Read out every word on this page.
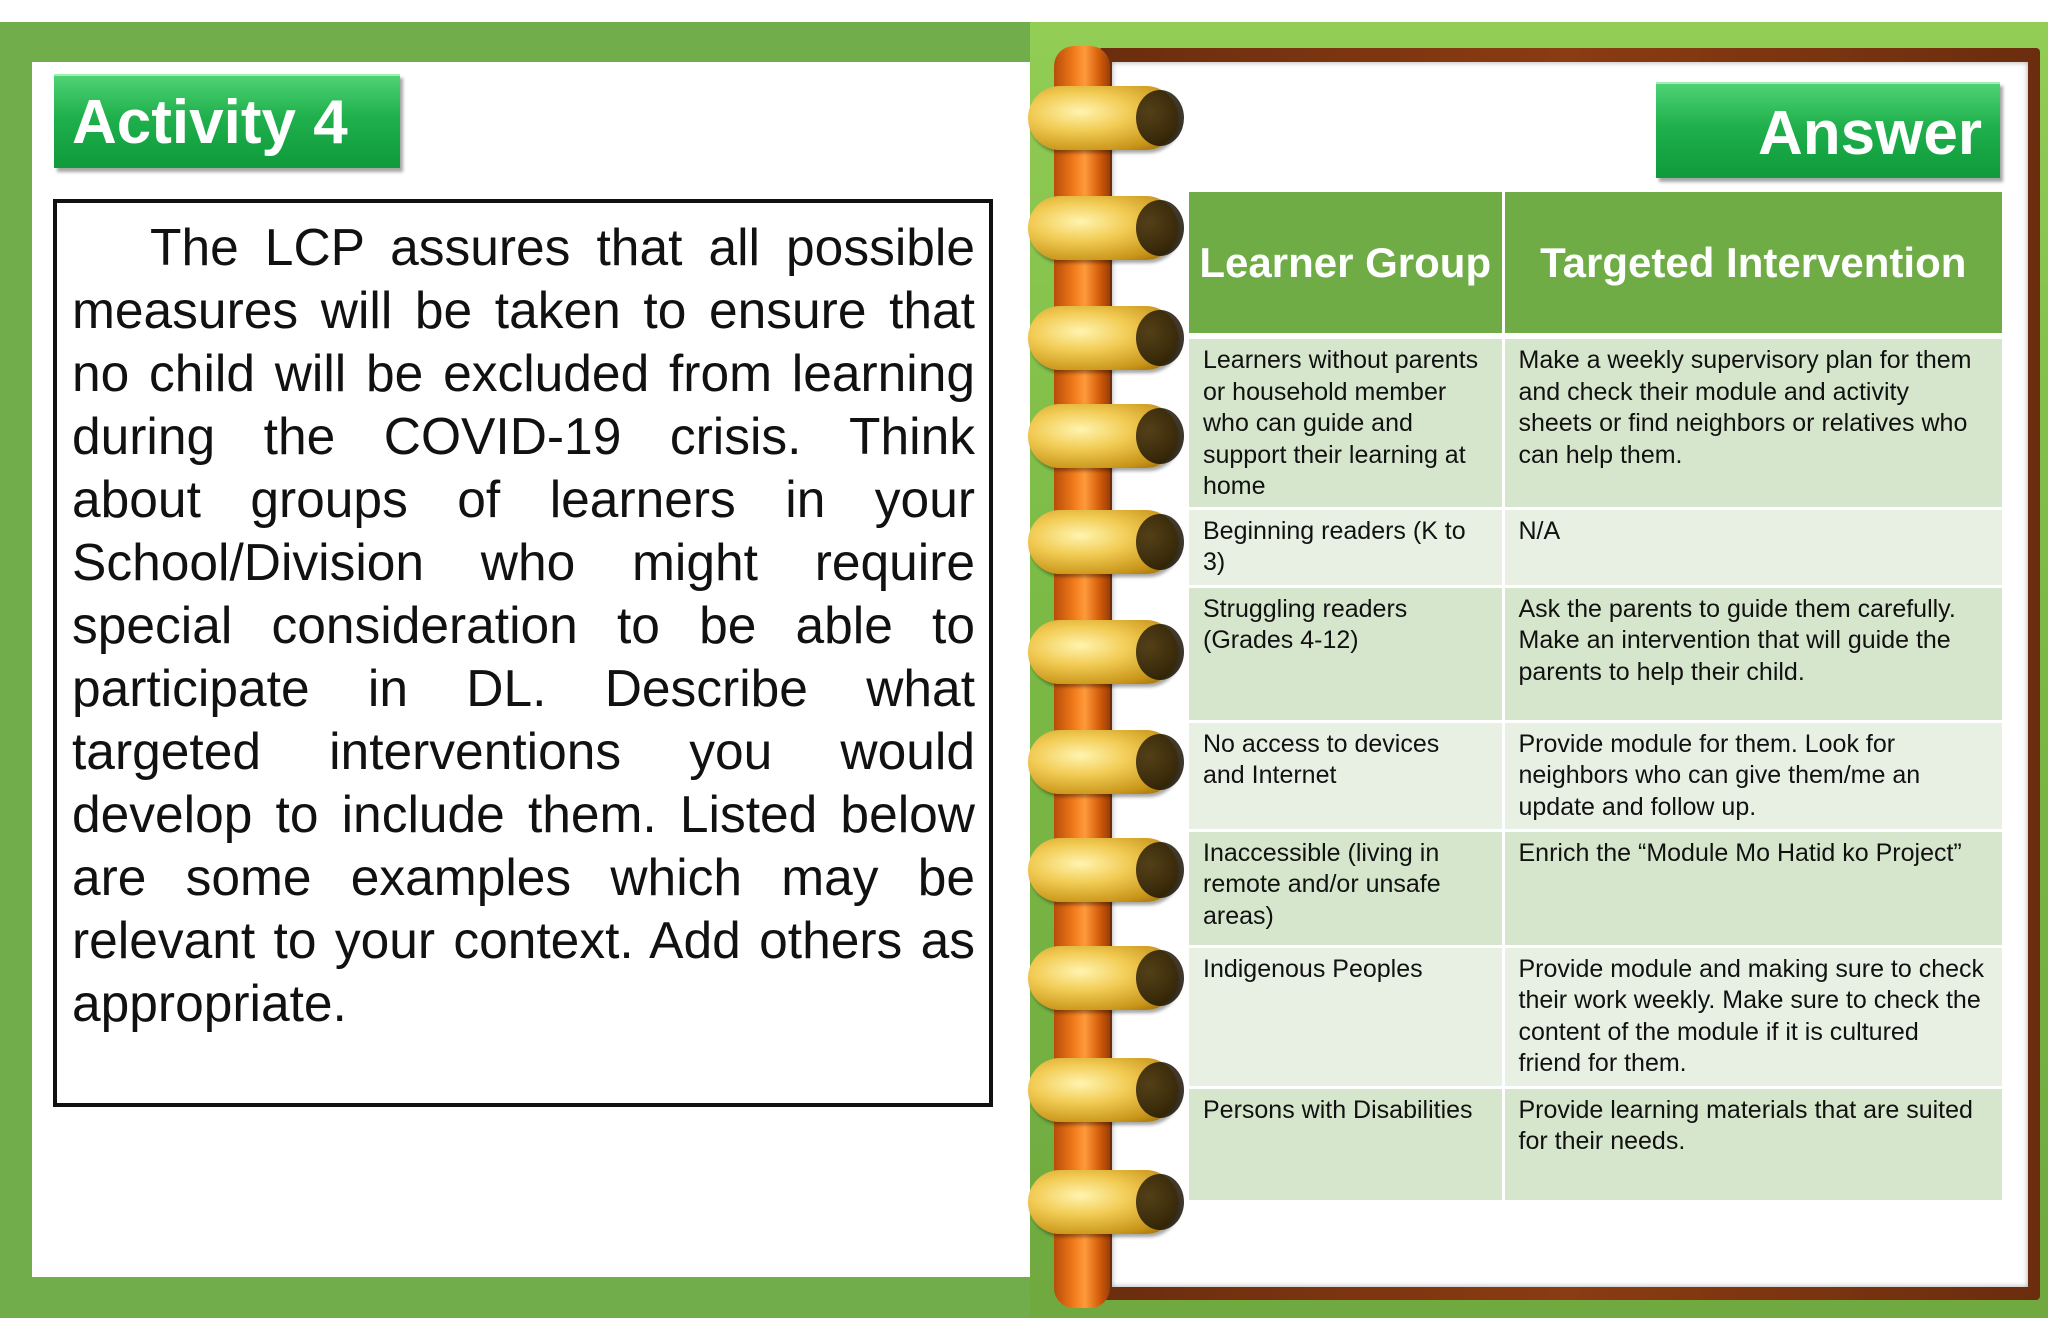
Activity 4

The LCP assures that all possible measures will be taken to ensure that no child will be excluded from learning during the COVID-19 crisis. Think about groups of learners in your School/Division who might require special consideration to be able to participate in DL. Describe what targeted interventions you would develop to include them. Listed below are some examples which may be relevant to your context. Add others as appropriate.

Answer
Learner Group	Targeted Intervention
Learners without parents or household member who can guide and support their learning at home	Make a weekly supervisory plan for them and check their module and activity sheets or find neighbors or relatives who can help them.
Beginning readers (K to 3)	N/A
Struggling readers (Grades 4-12)	Ask the parents to guide them carefully. Make an intervention that will guide the parents to help their child.
No access to devices and Internet	Provide module for them. Look for neighbors who can give them/me an update and follow up.
Inaccessible (living in remote and/or unsafe areas)	Enrich the “Module Mo Hatid ko Project”
Indigenous Peoples	Provide module and making sure to check their work weekly. Make sure to check the content of the module if it is cultured friend for them.
Persons with Disabilities	Provide learning materials that are suited for their needs.
